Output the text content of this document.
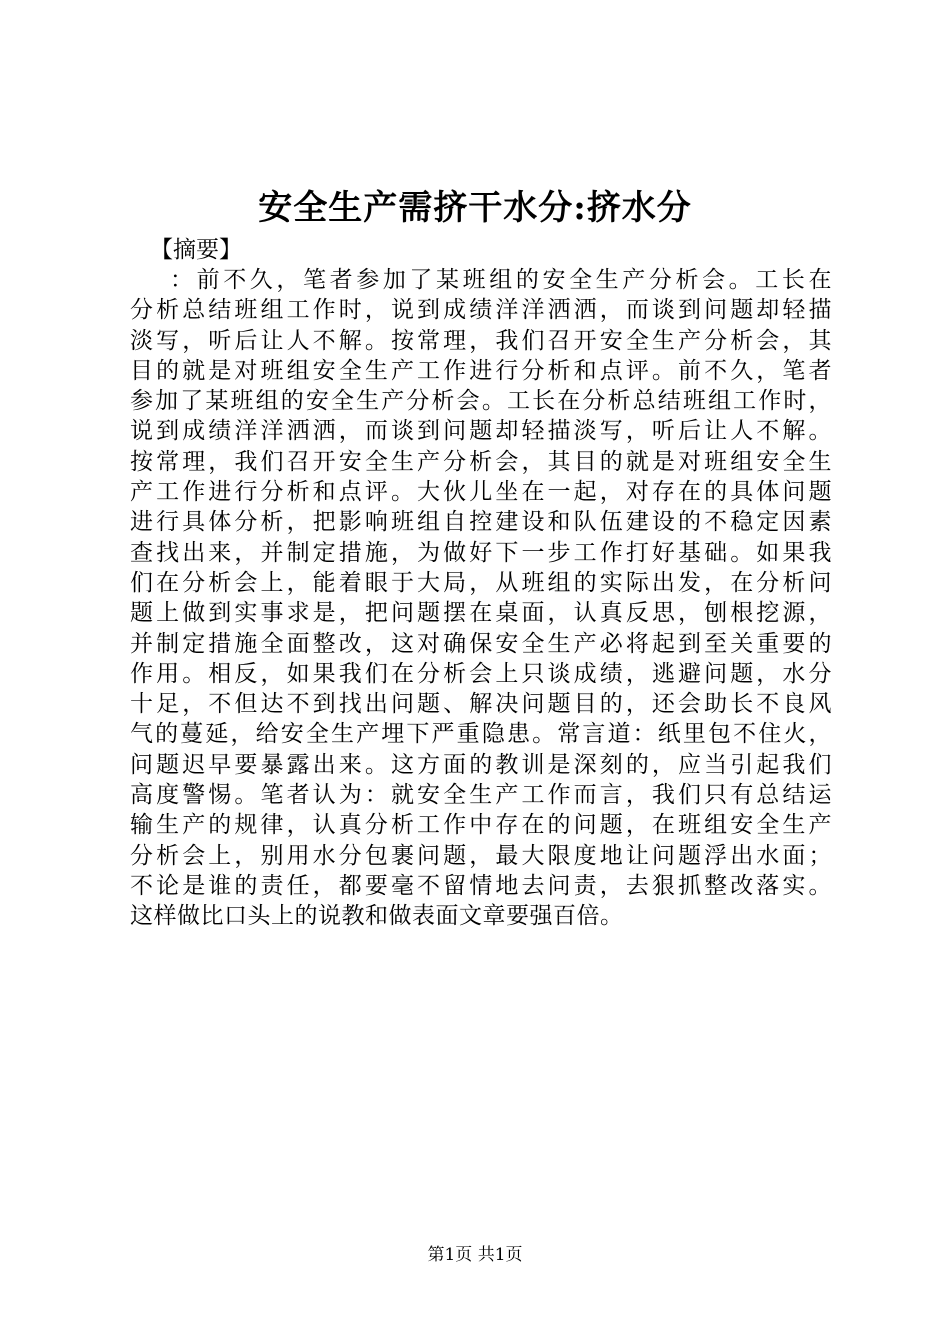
安全生产需挤干水分:挤水分

【摘要】

：前不久，笔者参加了某班组的安全生产分析会。工长在
分析总结班组工作时，说到成绩洋洋洒洒，而谈到问题却轻描
淡写，听后让人不解。按常理，我们召开安全生产分析会，其
目的就是对班组安全生产工作进行分析和点评。前不久，笔者
参加了某班组的安全生产分析会。工长在分析总结班组工作时，
说到成绩洋洋洒洒，而谈到问题却轻描淡写，听后让人不解。
按常理，我们召开安全生产分析会，其目的就是对班组安全生
产工作进行分析和点评。大伙儿坐在一起，对存在的具体问题
进行具体分析，把影响班组自控建设和队伍建设的不稳定因素
查找出来，并制定措施，为做好下一步工作打好基础。如果我
们在分析会上，能着眼于大局，从班组的实际出发，在分析问
题上做到实事求是，把问题摆在桌面，认真反思，刨根挖源，
并制定措施全面整改，这对确保安全生产必将起到至关重要的
作用。相反，如果我们在分析会上只谈成绩，逃避问题，水分
十足，不但达不到找出问题、解决问题目的，还会助长不良风
气的蔓延，给安全生产埋下严重隐患。常言道：纸里包不住火，
问题迟早要暴露出来。这方面的教训是深刻的，应当引起我们
高度警惕。笔者认为：就安全生产工作而言，我们只有总结运
输生产的规律，认真分析工作中存在的问题，在班组安全生产
分析会上，别用水分包裹问题，最大限度地让问题浮出水面；
不论是谁的责任，都要毫不留情地去问责，去狠抓整改落实。
这样做比口头上的说教和做表面文章要强百倍。

第1页 共1页
